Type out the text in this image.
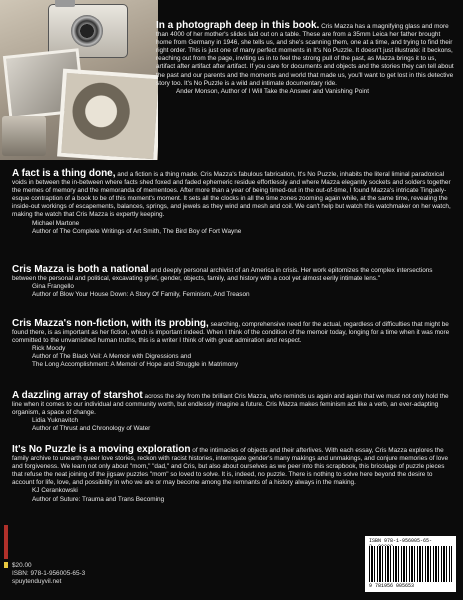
In a photograph deep in this book. Cris Mazza has a magnifying glass and more than 4000 of her mother's slides laid out on a table. These are from a 35mm Leica her father brought home from Germany in 1946, she tells us, and she's scanning them, one at a time, and trying to find their right order. This is just one of many perfect moments in It's No Puzzle. It doesn't just illustrate: it beckons, reaching out from the page, inviting us in to feel the strong pull of the past, as Mazza brings it to us, artifact after artifact after artifact. If you care for documents and objects and the stories they can tell about the past and our parents and the moments and world that made us, you'll want to get lost in this detective story too. It's No Puzzle is a wild and intimate documentary ride.

Ander Monson, Author of I Will Take the Answer and Vanishing Point

A fact is a thing done, and a fiction is a thing made. Cris Mazza's fabulous fabrication, It's No Puzzle, inhabits the literal liminal paradoxical voids in between the in-between where facts shed foxed and faded ephemeric residue effortlessly and where Mazza elegantly sockets and solders together the memes of memory and the memoranda of mementoes. After more than a year of being timed-out in the out-of-time, I found Mazza's intricate Tinguely-esque contraption of a book to be of this moment's moment. It sets all the clocks in all the time zones zooming again while, at the same time, revealing the inside-out workings of escapements, balances, springs, and jewels as they wind and mesh and coil. We can't help but watch this watchmaker on her watch, making the watch that Cris Mazza is expertly keeping.

Michael Martone

Author of The Complete Writings of Art Smith, The Bird Boy of Fort Wayne

Cris Mazza is both a national and deeply personal archivist of an America in crisis. Her work epitomizes the complex intersections between the personal and political, excavating grief, gender, objects, family, and history with a cool yet almost eerily intimate lens."

Gina Frangello

Author of Blow Your House Down: A Story Of Family, Feminism, And Treason

Cris Mazza's non-fiction, with its probing, searching, comprehensive need for the actual, regardless of difficulties that might be found there, is as important as her fiction, which is important indeed. When I think of the condition of the memoir today, longing for a time when it was more committed to the unvarnished human truths, this is a writer I think of with great admiration and respect.

Rick Moody

Author of The Black Veil: A Memoir with Digressions and

The Long Accomplishment: A Memoir of Hope and Struggle in Matrimony

A dazzling array of starshot across the sky from the brilliant Cris Mazza, who reminds us again and again that we must not only hold the line when it comes to our individual and community worth, but endlessly imagine a future. Cris Mazza makes feminism act like a verb, an ever-adapting organism, a space of change.

Lidia Yuknavitch

Author of Thrust and Chronology of Water

It's No Puzzle is a moving exploration of the intimacies of objects and their afterlives. With each essay, Cris Mazza explores the family archive to unearth queer love stories, reckon with racist histories, interrogate gender's many makings and unmakings, and conjure memories of love and forgiveness. We learn not only about "mom," "dad," and Cris, but also about ourselves as we peer into this scrapbook, this bricolage of puzzle pieces that refuse the neat joining of the jigsaw puzzles "mom" so loved to solve. It is, indeed, no puzzle. There is nothing to solve here beyond the desire to account for life, love, and possibility in who we are or may become among the remnants of a history always in the making.

KJ Cerankowski

Author of Suture: Trauma and Trans Becoming

$20.00
ISBN: 978-1-956005-65-3
spuytenduyvil.net
ISBN 978-1-956005-65-
9 781956 005653
